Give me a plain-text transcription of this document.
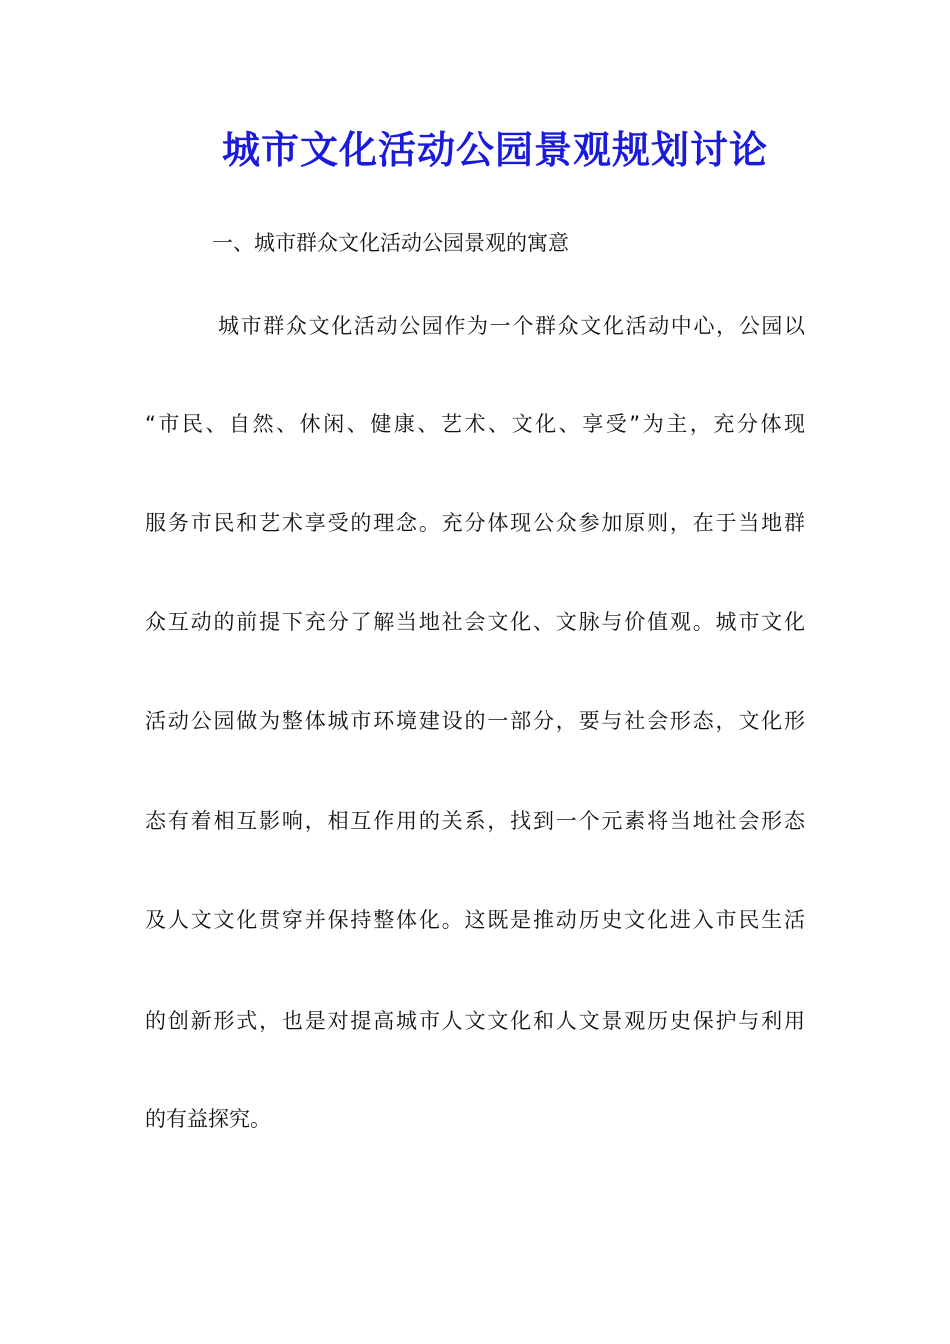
城市文化活动公园景观规划讨论
一、城市群众文化活动公园景观的寓意
城市群众文化活动公园作为一个群众文化活动中心，公园以
“市民、自然、休闲、健康、艺术、文化、享受”为主，充分体现
服务市民和艺术享受的理念。充分体现公众参加原则，在于当地群
众互动的前提下充分了解当地社会文化、文脉与价值观。城市文化
活动公园做为整体城市环境建设的一部分，要与社会形态，文化形
态有着相互影响，相互作用的关系，找到一个元素将当地社会形态
及人文文化贯穿并保持整体化。这既是推动历史文化进入市民生活
的创新形式，也是对提高城市人文文化和人文景观历史保护与利用
的有益探究。
